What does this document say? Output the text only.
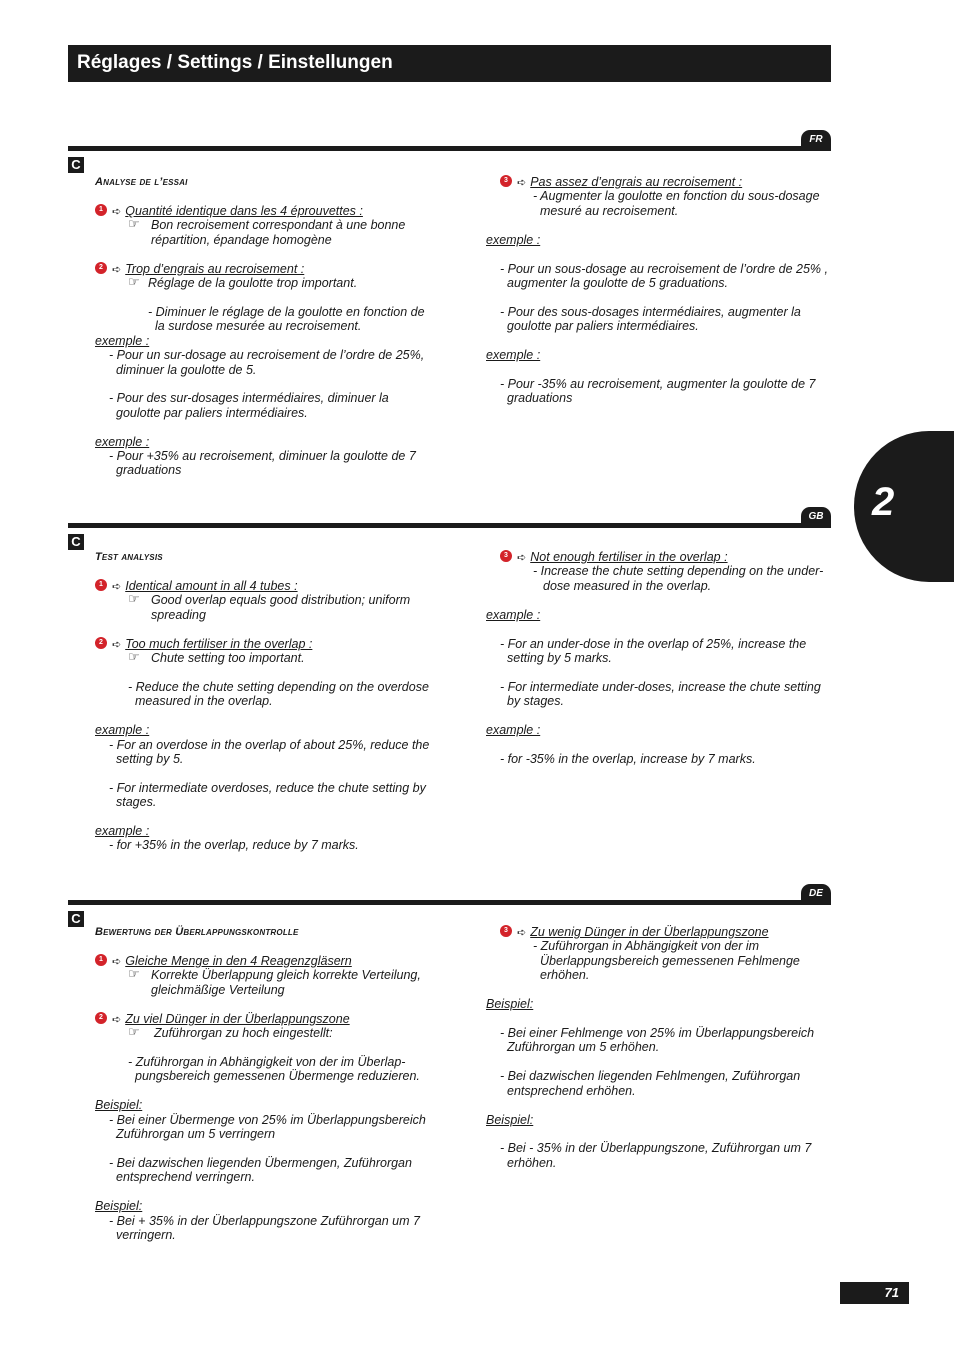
Réglages / Settings / Einstellungen
2
FR
C
Analyse de l’essai
1 ➪ Quantité identique dans les 4 éprouvettes :
☞ Bon recroisement correspondant à une bonne
répartition, épandage homogène
2 ➪ Trop d’engrais au recroisement :
☞ Réglage de la goulotte trop important.
- Diminuer le réglage de la goulotte en fonction de
la surdose mesurée au recroisement.
exemple :
- Pour un sur-dosage au recroisement de l’ordre de 25%,
diminuer la goulotte de 5.
- Pour des sur-dosages intermédiaires, diminuer la
goulotte par paliers intermédiaires.
exemple :
- Pour +35% au recroisement, diminuer la goulotte de 7
graduations
3 ➪ Pas assez d’engrais au recroisement :
- Augmenter la goulotte en fonction du sous-dosage
mesuré au recroisement.
exemple :
- Pour un sous-dosage au recroisement de l’ordre de 25% ,
augmenter la goulotte de 5 graduations.
- Pour des sous-dosages intermédiaires, augmenter la
goulotte par paliers intermédiaires.
exemple :
- Pour -35% au recroisement, augmenter la goulotte de 7
graduations
GB
C
Test analysis
1 ➪ Identical amount in all 4 tubes :
☞ Good overlap equals good distribution; uniform
spreading
2 ➪ Too much fertiliser in the overlap :
☞ Chute setting too important.
- Reduce the chute setting depending on the overdose
measured in the overlap.
example :
- For an overdose in the overlap of about 25%, reduce the
setting by 5.
- For intermediate overdoses, reduce the chute setting by
stages.
example :
- for +35% in the overlap, reduce by 7 marks.
3 ➪ Not enough fertiliser in the overlap :
- Increase the chute setting depending on the under-
dose measured in the overlap.
example :
- For an under-dose in the overlap of 25%, increase the
setting by 5 marks.
- For intermediate under-doses, increase the chute setting
by stages.
example :
- for -35% in the overlap, increase by 7 marks.
DE
C
Bewertung der Überlappungskontrolle
1 ➪ Gleiche Menge in den 4 Reagenzgläsern
☞ Korrekte Überlappung gleich korrekte Verteilung,
gleichmäßige Verteilung
2 ➪ Zu viel Dünger in der Überlappungszone
☞ Zuführorgan zu hoch eingestellt:
- Zuführorgan in Abhängigkeit von der im Überlap-
pungsbereich gemessenen Übermenge reduzieren.
Beispiel:
- Bei einer Übermenge von 25% im Überlappungsbereich
Zuführorgan um 5 verringern
- Bei dazwischen liegenden Übermengen, Zuführorgan
entsprechend verringern.
Beispiel:
- Bei + 35% in der Überlappungszone Zuführorgan um 7
verringern.
3 ➪ Zu wenig Dünger in der Überlappungszone
- Zuführorgan in Abhängigkeit von der im
Überlappungsbereich gemessenen Fehlmenge
erhöhen.
Beispiel:
- Bei einer Fehlmenge von 25% im Überlappungsbereich
Zuführorgan um 5 erhöhen.
- Bei dazwischen liegenden Fehlmengen, Zuführorgan
entsprechend erhöhen.
Beispiel:
- Bei - 35% in der Überlappungszone, Zuführorgan um 7
erhöhen.
71
